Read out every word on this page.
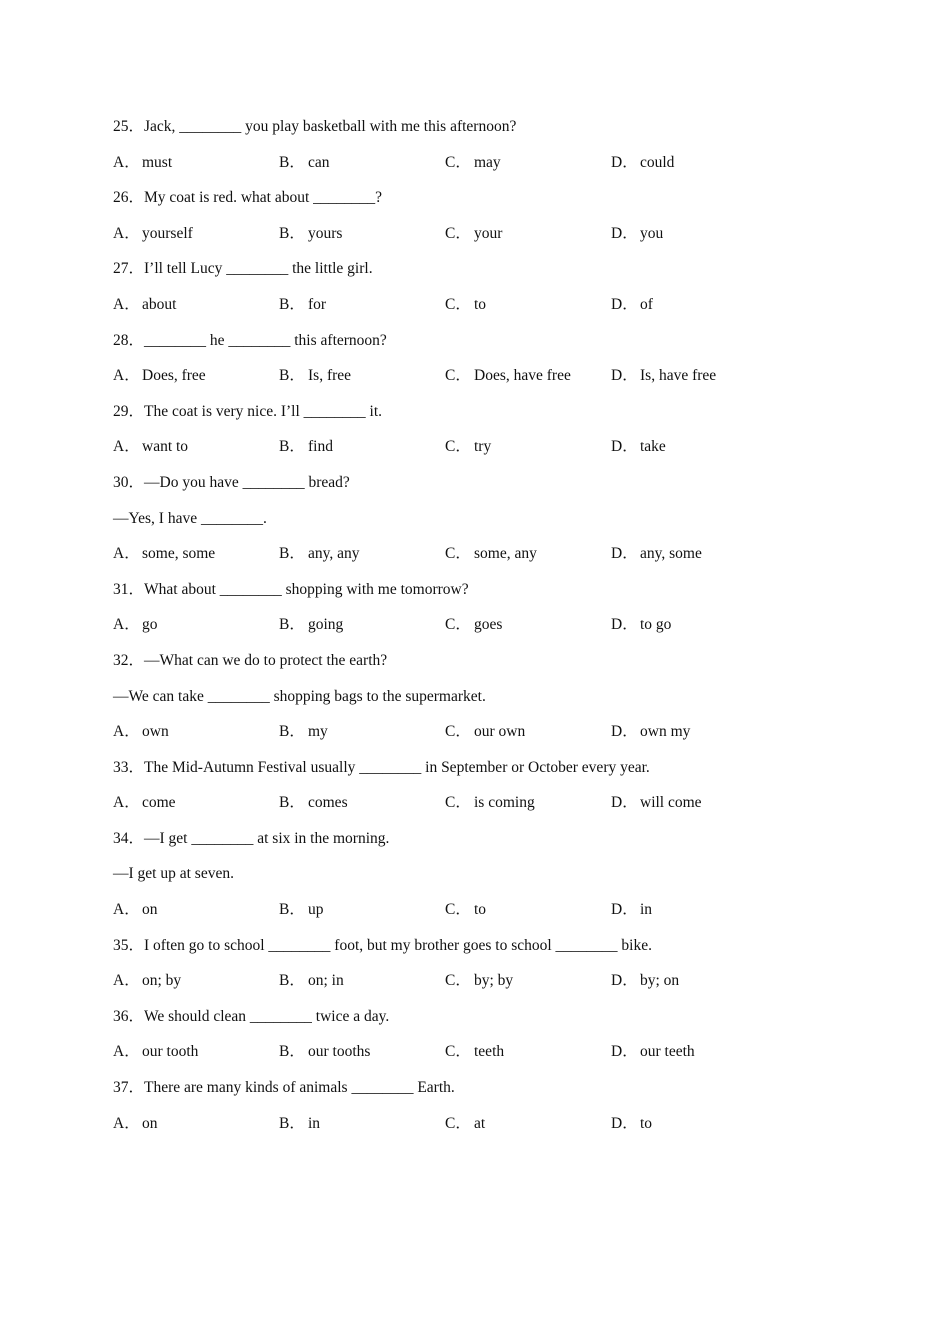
25．Jack, ________ you play basketball with me this afternoon?
A． must	B． can	C． may	D． could
26．My coat is red. what about ________?
A． yourself	B． yours	C． your	D． you
27．I’ll tell Lucy ________ the little girl.
A． about	B． for	C． to	D． of
28．________ he ________ this afternoon?
A． Does, free	B． Is, free	C． Does, have free	D． Is, have free
29．The coat is very nice. I’ll ________ it.
A． want to	B． find	C． try	D． take
30．—Do you have ________ bread?
—Yes, I have ________.
A． some, some	B． any, any	C． some, any	D． any, some
31．What about ________ shopping with me tomorrow?
A． go	B． going	C． goes	D． to go
32．—What can we do to protect the earth?
—We can take ________ shopping bags to the supermarket.
A． own	B． my	C． our own	D． own my
33．The Mid-Autumn Festival usually ________ in September or October every year.
A． come	B． comes	C． is coming	D． will come
34．—I get ________ at six in the morning.
—I get up at seven.
A． on	B． up	C． to	D． in
35．I often go to school ________ foot, but my brother goes to school ________ bike.
A． on; by	B． on; in	C． by; by	D． by; on
36．We should clean ________ twice a day.
A． our tooth	B． our tooths	C． teeth	D． our teeth
37．There are many kinds of animals ________ Earth.
A． on	B． in	C． at	D． to
